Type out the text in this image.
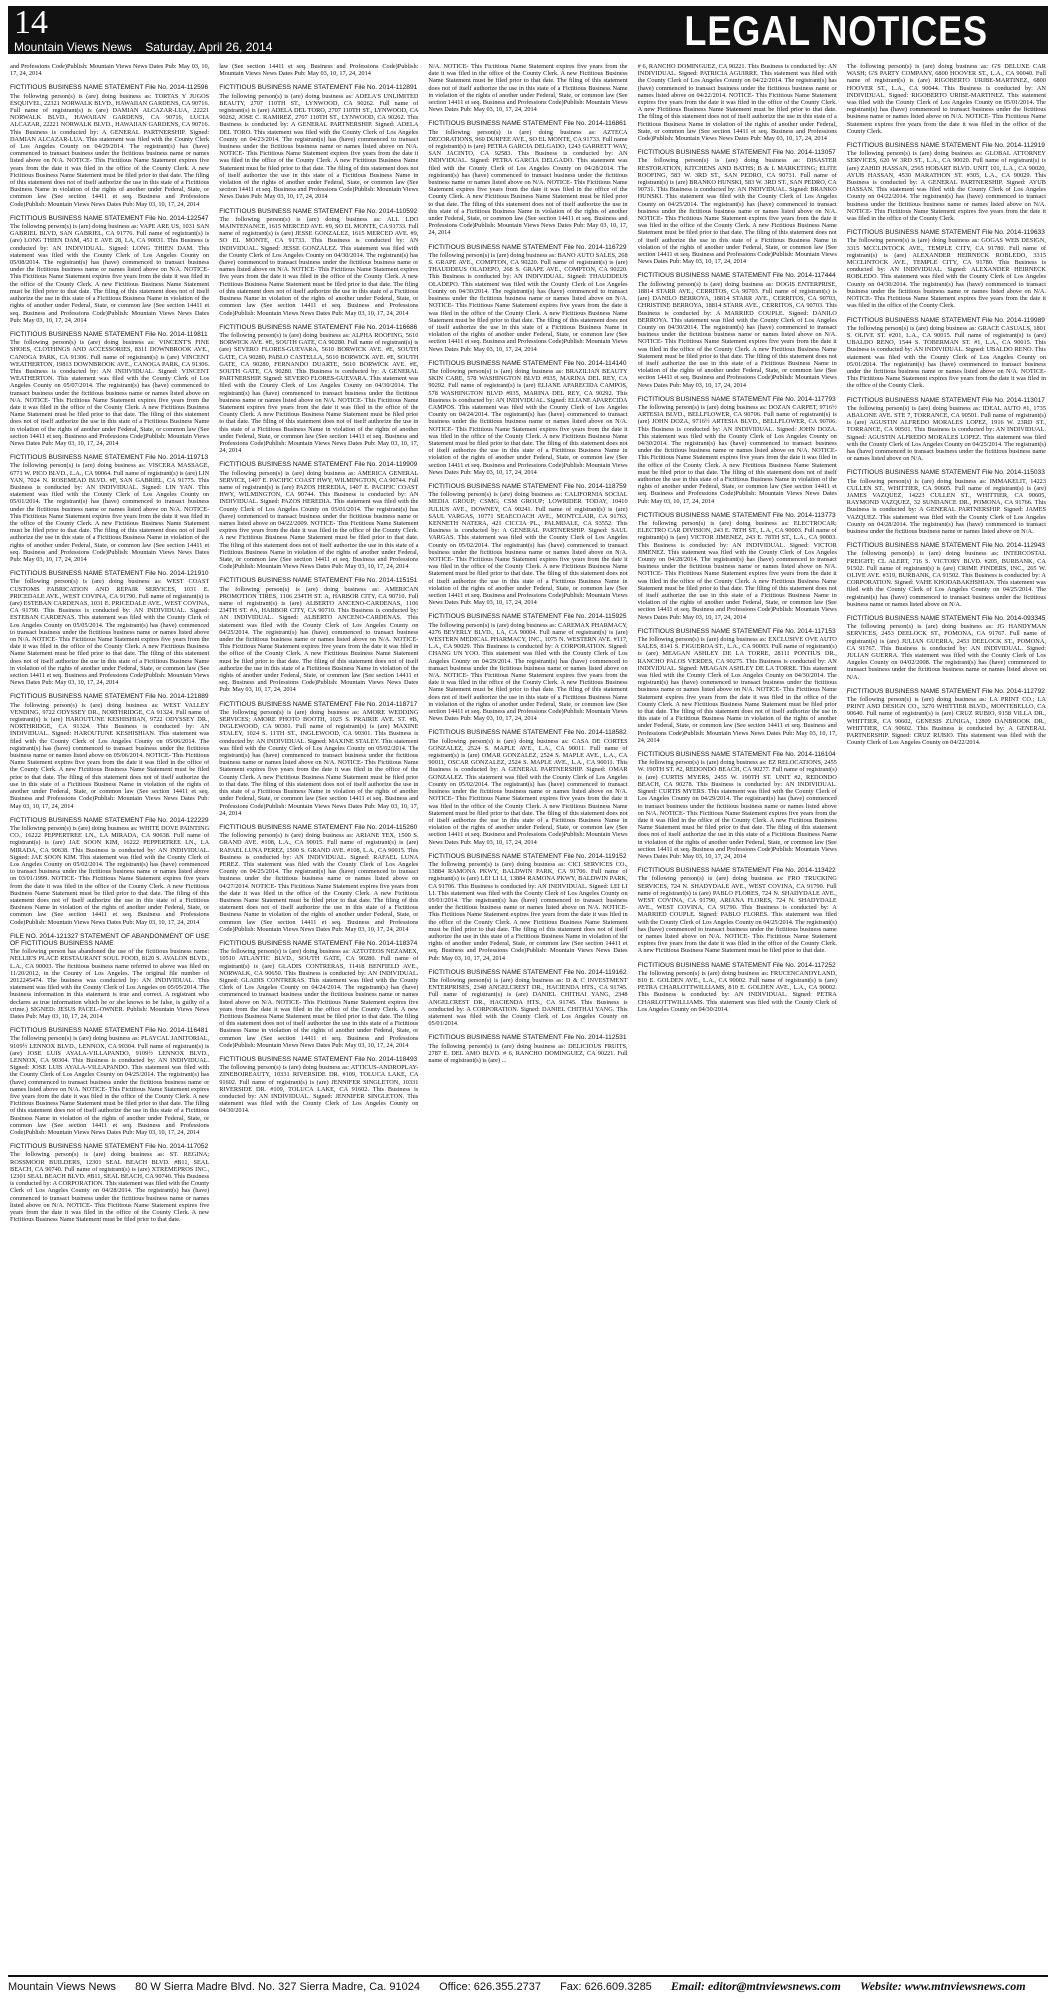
14
Mountain Views News Saturday, April 26, 2014	LEGAL NOTICES
and Professions Code)Publish: Mountain Views News Dates Pub: May 03, 10, 17, 24, 2014
FICTITIOUS BUSINESS NAME STATEMENT File No. 2014-112596
The following person(s) is (are) doing business as: TORTAS Y JUGOS ESQUIVEL, 22321 NORWALK BLVD., HAWAIIAN GARDENS, CA 90716. Full name of registrant(s) is (are) DAMIAN ALCAZAR-LUA, 22221 NORWALK BLVD., HAWAIIAN GARDENS, CA 90716, LUCIA ALCAZAR, 22221 NORWALK BLVD., HAWAIIAN GARDENS, CA 90716. This Business is conducted by: A GENERAL PARTNERSHIP. Signed: DAMIAN ALCAZAR-LUA. This statement was filed with the County Clerk of Los Angeles County on 04/29/2014. The registrant(s) has (have) commenced to transact business under the fictitious business name or names listed above on N/A. NOTICE- This Fictitious Name Statement expires five years from the date it was filed in the office of the County Clerk. A new Fictitious Business Name Statement must be filed prior to that date. The filing of this statement does not of itself authorize the use in this state of a Fictitious Business Name in violation of the rights of another under Federal, State, or common law (See section 14411 et seq. Business and Professions Code)Publish: Mountain Views News Dates Pub: May 03, 10, 17, 24, 2014
FICTITIOUS BUSINESS NAME STATEMENT File No. 2014-122547
The following person(s) is (are) doing business as: VAPE ARE US, 1031 SAN GABRIEL BLVD, SAN GABRIEL, CA 91776. Full name of registrant(s) is (are) LONG THIEN DAM, 451 E AVE 28, LA, CA 90031. This Business is conducted by: AN INDIVIDUAL. Signed: LONG THIEN DAM. This statement was filed with the County Clerk of Los Angeles County on 05/08/2014. The registrant(s) has (have) commenced to transact business under the fictitious business name or names listed above on N/A. NOTICE- This Fictitious Name Statement expires five years from the date it was filed in the office of the County Clerk. A new Fictitious Business Name Statement must be filed prior to that date. The filing of this statement does not of itself authorize the use in this state of a Fictitious Business Name in violation of the rights of another under Federal, State, or common law (See section 14411 et seq. Business and Professions Code)Publish: Mountain Views News Dates Pub: May 03, 10, 17, 24, 2014
FICTITIOUS BUSINESS NAME STATEMENT File No. 2014-119811
The following person(s) is (are) doing business as: VINCENT'S FINE SHOES, CLOTHINGS AND ACCESSORIES, 8311 DOWNBROOK AVE., CANOGA PARK, CA 91306. Full name of registrant(s) is (are) VINCENT WEATHERTON, 19813 DOWNBROOK AVE., CANOGA PARK, CA 91306. This Business is conducted by: AN INDIVIDUAL. Signed: VINCENT WEATHERTON. This statement was filed with the County Clerk of Los Angeles County on 05/07/2014. The registrant(s) has (have) commenced to transact business under the fictitious business name or names listed above on N/A. NOTICE- This Fictitious Name Statement expires five years from the date it was filed in the office of the County Clerk. A new Fictitious Business Name Statement must be filed prior to that date. The filing of this statement does not of itself authorize the use in this state of a Fictitious Business Name in violation of the rights of another under Federal, State, or common law (See section 14411 et seq. Business and Professions Code)Publish: Mountain Views News Dates Pub: May 03, 10, 17, 24, 2014
FICTITIOUS BUSINESS NAME STATEMENT File No. 2014-119713
The following person(s) is (are) doing business as: VISCERA MASSAGE, 6771 W. PICO BLVD., L.A., CA 90064. Full name of registrant(s) is (are) LIN YAN, 7024 N. ROSEMEAD BLVD. #F, SAN GABRIEL, CA 91775. This Business is conducted by: AN INDIVIDUAL. Signed: LIN YAN. This statement was filed with the County Clerk of Los Angeles County on 05/01/2014. The registrant(s) has (have) commenced to transact business under the fictitious business name or names listed above on N/A. NOTICE- This Fictitious Name Statement expires five years from the date it was filed in the office of the County Clerk. A new Fictitious Business Name Statement must be filed prior to that date. The filing of this statement does not of itself authorize the use in this state of a Fictitious Business Name in violation of the rights of another under Federal, State, or common law (See section 14411 et seq. Business and Professions Code)Publish: Mountain Views News Dates Pub: May 03, 10, 17, 24, 2014
FICTITIOUS BUSINESS NAME STATEMENT File No. 2014-121910
The following person(s) is (are) doing business as: WEST COAST CUSTOMS FABRICATION AND REPAIR SERVICES, 1031 E. PRICEDALE AVE., WEST COVINA, CA 91790. Full name of registrant(s) is (are) ESTEBAN CARDENAS, 1031 E. PRICEDALE AVE., WEST COVINA, CA 91790. This Business is conducted by: AN INDIVIDUAL. Signed: ESTEBAN CARDENAS. This statement was filed with the County Clerk of Los Angeles County on 05/05/2014. The registrant(s) has (have) commenced to transact business under the fictitious business name or names listed above on N/A. NOTICE- This Fictitious Name Statement expires five years from the date it was filed in the office of the County Clerk. A new Fictitious Business Name Statement must be filed prior to that date. The filing of this statement does not of itself authorize the use in this state of a Fictitious Business Name in violation of the rights of another under Federal, State, or common law (See section 14411 et seq. Business and Professions Code)Publish: Mountain Views News Dates Pub: May 03, 10, 17, 24, 2014
FICTITIOUS BUSINESS NAME STATEMENT File No. 2014-121889
The following person(s) is (are) doing business as: WEST VALLEY VENDING, 9722 ODYSSEY DR., NORTHRIDGE, CA 91324. Full name of registrant(s) is (are) HAROUTUNE KESHISHIAN, 9722 ODYSSEY DR., NORTHRIDGE, CA 91324. This Business is conducted by: AN INDIVIDUAL. Signed: HAROUTUNE KESHISHIAN. This statement was filed with the County Clerk of Los Angeles County on 05/06/2014. The registrant(s) has (have) commenced to transact business under the fictitious business name or names listed above on 05/06/2014. NOTICE- This Fictitious Name Statement expires five years from the date it was filed in the office of the County Clerk. A new Fictitious Business Name Statement must be filed prior to that date. The filing of this statement does not of itself authorize the use in this state of a Fictitious Business Name in violation of the rights of another under Federal, State, or common law (See section 14411 et seq. Business and Professions Code)Publish: Mountain Views News Dates Pub: May 03, 10, 17, 24, 2014
FICTITIOUS BUSINESS NAME STATEMENT File No. 2014-122229
The following person(s) is (are) doing business as: WHITE DOVE PAINTING CO., 16222 PEPPERTREE LN., LA MIRADA, CA 90638. Full name of registrant(s) is (are) JAE SOON KIM, 16222 PEPPERTREE LN., LA MIRADA, CA 90638. This Business is conducted by: AN INDIVIDUAL. Signed: JAE SOON KIM. This statement was filed with the County Clerk of Los Angeles County on 05/02/2014. The registrant(s) has (have) commenced to transact business under the fictitious business name or names listed above on 03/01/1999. NOTICE- This Fictitious Name Statement expires five years from the date it was filed in the office of the County Clerk. A new Fictitious Business Name Statement must be filed prior to that date. The filing of this statement does not of itself authorize the use in this state of a Fictitious Business Name in violation of the rights of another under Federal, State, or common law (See section 14411 et seq. Business and Professions Code)Publish: Mountain Views News Dates Pub: May 03, 10, 17, 24, 2014
FILE NO. 2014-121327 STATEMENT OF ABANDONMENT OF USE OF FICTITIOUS BUSINESS NAME
The following person has abandoned the use of the fictitious business name: NELLIE'S PLACE RESTAURANT SOUL FOOD, 8120 S. AVALON BLVD., L.A., CA 90003. The fictitious business name referred to above was filed on 11/20/2012, in the County of Los Angeles. The original file number of 2012245474. The business was conducted by: AN INDIVIDUAL. This statement was filed with the County Clerk of Los Angeles on 05/05/2014. The business information in this statement is true and correct. A registrant who declares as true information which he or she knows to be false, is guilty of a crime.) SIGNED: JESUS PACEL-OWNER. Publish: Mountain Views News Dates Pub: May 03, 10, 17, 24, 2014
FICTITIOUS BUSINESS NAME STATEMENT File No. 2014-116481
The following person(s) is (are) doing business as: PLAYCAL JANITORIAL, 9109½ LENNOX BLVD., LENNOX, CA 90304. Full name of registrant(s) is (are) JOSE LUIS AYALA-VILLAPANDO, 9109½ LENNOX BLVD., LENNOX, CA 90304. This Business is conducted by: AN INDIVIDUAL. Signed: JOSE LUIS AYALA-VILLAPANDO. This statement was filed with the County Clerk of Los Angeles County on 04/25/2014. The registrant(s) has (have) commenced to transact business under the fictitious business name or names listed above on N/A. NOTICE- This Fictitious Name Statement expires five years from the date it was filed in the office of the County Clerk. A new Fictitious Business Name Statement must be filed prior to that date. The filing of this statement does not of itself authorize the use in this state of a Fictitious Business Name in violation of the rights of another under Federal, State, or common law (See section 14411 et seq. Business and Professions Code)Publish: Mountain Views News Dates Pub: May 03, 10, 17, 24, 2014
FICTITIOUS BUSINESS NAME STATEMENT File No. 2014-117052
The following person(s) is (are) doing business as: ST. REGINA; ROSSMOOR BUILDERS, 12301 SEAL BEACH BLVD. #B11, SEAL BEACH, CA 90740. Full name of registrant(s) is (are) XTREMEPROS INC., 12301 SEAL BEACH BLVD. #B11, SEAL BEACH, CA 90740. This Business is conducted by: A CORPORATION. This statement was filed with the County Clerk of Los Angeles County on 04/28/2014. The registrant(s) has (have) commenced to transact business under the fictitious business name or names listed above on N/A. NOTICE- This Fictitious Name Statement expires five years from the date it was filed in the office of the County Clerk. A new Fictitious Business Name Statement must be filed prior to that date.
law (See section 14411 et seq. Business and Professions Code)Publish: Mountain Views News Dates Pub: May 03, 10, 17, 24, 2014
FICTITIOUS BUSINESS NAME STATEMENT File No. 2014-112891
The following person(s) is (are) doing business as: ADELA'S UNLIMITED BEAUTY, 2707 110TH ST., LYNWOOD, CA 90262. Full name of registrant(s) is (are) ADELA DEL TORO, 2707 110TH ST., LYNWOOD, CA 90262, JOSE C. RAMIREZ, 2707 110TH ST., LYNWOOD, CA 90262. This Business is conducted by: A GENERAL PARTNERSHIP. Signed: ADELA DEL TORO. This statement was filed with the County Clerk of Los Angeles County on 04/23/2014. The registrant(s) has (have) commenced to transact business under the fictitious business name or names listed above on N/A. NOTICE- This Fictitious Name Statement expires five years from the date it was filed in the office of the County Clerk. A new Fictitious Business Name Statement must be filed prior to that date. The filing of this statement does not of itself authorize the use in this state of a Fictitious Business Name in violation of the rights of another under Federal, State, or common law (See section 14411 et seq. Business and Professions Code)Publish: Mountain Views News Dates Pub: May 03, 10, 17, 24, 2014
FICTITIOUS BUSINESS NAME STATEMENT File No. 2014-110592
The following person(s) is (are) doing business as: ALL LDO MAINTENANCE, 1615 MERCED AVE. #9, SO EL MONTE, CA 91733. Full name of registrant(s) is (are) JESSE GONZALEZ, 1615 MERCED AVE. #9, SO EL MONTE, CA 91733. This Business is conducted by: AN INDIVIDUAL. Signed: JESSE GONZALEZ. This statement was filed with the County Clerk of Los Angeles County on 04/30/2014. The registrant(s) has (have) commenced to transact business under the fictitious business name or names listed above on N/A. NOTICE- This Fictitious Name Statement expires five years from the date it was filed in the office of the County Clerk. A new Fictitious Business Name Statement must be filed prior to that date. The filing of this statement does not of itself authorize the use in this state of a Fictitious Business Name in violation of the rights of another under Federal, State, or common law (See section 14411 et seq. Business and Professions Code)Publish: Mountain Views News Dates Pub: May 03, 10, 17, 24, 2014
FICTITIOUS BUSINESS NAME STATEMENT File No. 2014-116686
The following person(s) is (are) doing business as: ALPHA ROOFING, 5610 BORWICK AVE. #E, SOUTH GATE, CA 90280. Full name of registrant(s) is (are) SEVERO FLORES-GUEVARA, 5610 BORWICK AVE. #E, SOUTH GATE, CA 90280, PABLO CASTELLA, 5610 BORWICK AVE. #E, SOUTH GATE, CA 90280, FERNANDO DUARTE, 5610 BORWICK AVE. #E, SOUTH GATE, CA 90280. This Business is conducted by: A GENERAL PARTNERSHIP. Signed: SEVERO FLORES-GUEVARA. This statement was filed with the County Clerk of Los Angeles County on 04/30/2014. The registrant(s) has (have) commenced to transact business under the fictitious business name or names listed above on N/A. NOTICE- This Fictitious Name Statement expires five years from the date it was filed in the office of the County Clerk. A new Fictitious Business Name Statement must be filed prior to that date. The filing of this statement does not of itself authorize the use in this state of a Fictitious Business Name in violation of the rights of another under Federal, State, or common law (See section 14411 et seq. Business and Professions Code)Publish: Mountain Views News Dates Pub: May 03, 10, 17, 24, 2014
FICTITIOUS BUSINESS NAME STATEMENT File No. 2014-119909
The following person(s) is (are) doing business as: AMERICA GENERAL SERVICE, 1407 E. PACIFIC COAST HWY, WILMINGTON, CA 90744. Full name of registrant(s) is (are) PAZOS HEREDIA, 1407 E. PACIFIC COAST HWY, WILMINGTON, CA 90744. This Business is conducted by: AN INDIVIDUAL. Signed: PAZOS HEREDIA. This statement was filed with the County Clerk of Los Angeles County on 05/01/2014. The registrant(s) has (have) commenced to transact business under the fictitious business name or names listed above on 04/22/2009. NOTICE- This Fictitious Name Statement expires five years from the date it was filed in the office of the County Clerk. A new Fictitious Business Name Statement must be filed prior to that date. The filing of this statement does not of itself authorize the use in this state of a Fictitious Business Name in violation of the rights of another under Federal, State, or common law (See section 14411 et seq. Business and Professions Code)Publish: Mountain Views News Dates Pub: May 03, 10, 17, 24, 2014
FICTITIOUS BUSINESS NAME STATEMENT File No. 2014-115151
The following person(s) is (are) doing business as: AMERICAN PROMOTION TIRES, 1106 234TH ST. A, HARBOR CITY, CA 90710. Full name of registrant(s) is (are) ALBERTO ANCENO-CARDENAS, 1106 234TH ST. #A, HARBOR CITY, CA 90710. This Business is conducted by: AN INDIVIDUAL. Signed: ALBERTO ANCENO-CARDENAS. This statement was filed with the County Clerk of Los Angeles County on 04/25/2014. The registrant(s) has (have) commenced to transact business under the fictitious business name or names listed above on N/A. NOTICE- This Fictitious Name Statement expires five years from the date it was filed in the office of the County Clerk. A new Fictitious Business Name Statement must be filed prior to that date. The filing of this statement does not of itself authorize the use in this state of a Fictitious Business Name in violation of the rights of another under Federal, State, or common law (See section 14411 et seq. Business and Professions Code)Publish: Mountain Views News Dates Pub: May 03, 10, 17, 24, 2014
FICTITIOUS BUSINESS NAME STATEMENT File No. 2014-118717
The following person(s) is (are) doing business as: AMORE WEDDING SERVICES; AMORE PHOTO BOOTH, 1025 S. PRAIRIE AVE. ST. #B, INGLEWOOD, CA 90301. Full name of registrant(s) is (are) MAXINE STALEY, 1024 S. 11TH ST., INGLEWOOD, CA 90301. This Business is conducted by: AN INDIVIDUAL. Signed: MAXINE STALEY. This statement was filed with the County Clerk of Los Angeles County on 05/02/2014. The registrant(s) has (have) commenced to transact business under the fictitious business name or names listed above on N/A. NOTICE- This Fictitious Name Statement expires five years from the date it was filed in the office of the County Clerk. A new Fictitious Business Name Statement must be filed prior to that date. The filing of this statement does not of itself authorize the use in this state of a Fictitious Business Name in violation of the rights of another under Federal, State, or common law (See section 14411 et seq. Business and Professions Code)Publish: Mountain Views News Dates Pub: May 03, 10, 17, 24, 2014
FICTITIOUS BUSINESS NAME STATEMENT File No. 2014-115260
The following person(s) is (are) doing business as: ARIANE TEX, 1500 S. GRAND AVE. #108, L.A., CA 90015. Full name of registrant(s) is (are) RAFAEL LUNA PEREZ, 1500 S. GRAND AVE. #108, L.A., CA 90015. This Business is conducted by: AN INDIVIDUAL. Signed: RAFAEL LUNA PEREZ. This statement was filed with the County Clerk of Los Angeles County on 04/25/2014. The registrant(s) has (have) commenced to transact business under the fictitious business name or names listed above on 04/27/2014. NOTICE- This Fictitious Name Statement expires five years from the date it was filed in the office of the County Clerk. A new Fictitious Business Name Statement must be filed prior to that date. The filing of this statement does not of itself authorize the use in this state of a Fictitious Business Name in violation of the rights of another under Federal, State, or common law (See section 14411 et seq. Business and Professions Code)Publish: Mountain Views News Dates Pub: May 03, 10, 17, 24, 2014
FICTITIOUS BUSINESS NAME STATEMENT File No. 2014-118374
The following person(s) is (are) doing business as: AZTOTEOS NEZAMEX, 10510 ATLANTIC BLVD., SOUTH GATE, CA 90280. Full name of registrant(s) is (are) GLADIS CONTRERAS, 11418 BENFIELD AVE., NORWALK, CA 90650. This Business is conducted by: AN INDIVIDUAL. Signed: GLADIS CONTRERAS. This statement was filed with the County Clerk of Los Angeles County on 04/24/2014. The registrant(s) has (have) commenced to transact business under the fictitious business name or names listed above on N/A. NOTICE- This Fictitious Name Statement expires five years from the date it was filed in the office of the County Clerk. A new Fictitious Business Name Statement must be filed prior to that date. The filing of this statement does not of itself authorize the use in this state of a Fictitious Business Name in violation of the rights of another under Federal, State, or common law (See section 14411 et seq. Business and Professions Code)Publish: Mountain Views News Dates Pub: May 03, 10, 17, 24, 2014
FICTITIOUS BUSINESS NAME STATEMENT File No. 2014-118493
The following person(s) is (are) doing business as: ATTICUS-ANDROPLAY-ZINEBOIREAUTY, 10331 RIVERSIDE DR. #109, TOLUCA LAKE, CA 91602. Full name of registrant(s) is (are) JENNIFER SINGLETON, 10331 RIVERSIDE DR. #109, TOLUCA LAKE, CA 91602. This Business is conducted by: AN INDIVIDUAL. Signed: JENNIFER SINGLETON. This statement was filed with the County Clerk of Los Angeles County on 04/30/2014.
N/A. NOTICE- This Fictitious Name Statement expires five years from the date it was filed in the office of the County Clerk. A new Fictitious Business Name Statement must be filed prior to that date. The filing of this statement does not of itself authorize the use in this state of a Fictitious Business Name in violation of the rights of another under Federal, State, or common law (See section 14411 et seq. Business and Professions Code)Publish: Mountain Views News Dates Pub: May 03, 10, 17, 24, 2014
FICTITIOUS BUSINESS NAME STATEMENT File No. 2014-116861
The following person(s) is (are) doing business as: AZTECA DECORATIONS, 960 DURFEE AVE., SO EL MONTE, CA 91733. Full name of registrant(s) is (are) PETRA GARCIA DELGADO, 1243 GARRETT WAY, SAN JACINTO, CA 92583. This Business is conducted by: AN INDIVIDUAL. Signed: PETRA GARCIA DELGADO. This statement was filed with the County Clerk of Los Angeles County on 04/28/2014. The registrant(s) has (have) commenced to transact business under the fictitious business name or names listed above on N/A. NOTICE- This Fictitious Name Statement expires five years from the date it was filed in the office of the County Clerk. A new Fictitious Business Name Statement must be filed prior to that date. The filing of this statement does not of itself authorize the use in this state of a Fictitious Business Name in violation of the rights of another under Federal, State, or common law (See section 14411 et seq. Business and Professions Code)Publish: Mountain Views News Dates Pub: May 03, 10, 17, 24, 2014
FICTITIOUS BUSINESS NAME STATEMENT File No. 2014-116729
The following person(s) is (are) doing business as: BANO AUTO SALES, 268 S. GRAPE AVE., COMPTON, CA 90220. Full name of registrant(s) is (are) THAUDDEUS OLADEPO, 268 S. GRAPE AVE., COMPTON, CA 90220. This Business is conducted by: AN INDIVIDUAL. Signed: THAUDDEUS OLADEPO. This statement was filed with the County Clerk of Los Angeles County on 04/30/2014. The registrant(s) has (have) commenced to transact business under the fictitious business name or names listed above on N/A. NOTICE- This Fictitious Name Statement expires five years from the date it was filed in the office of the County Clerk. A new Fictitious Business Name Statement must be filed prior to that date. The filing of this statement does not of itself authorize the use in this state of a Fictitious Business Name in violation of the rights of another under Federal, State, or common law (See section 14411 et seq. Business and Professions Code)Publish: Mountain Views News Dates Pub: May 03, 10, 17, 24, 2014
FICTITIOUS BUSINESS NAME STATEMENT File No. 2014-114140
The following person(s) is (are) doing business as: BRAZILIAN BEAUTY SKIN CARE, 578 WASHINGTON BLVD #935, MARINA DEL REY, CA 90292. Full name of registrant(s) is (are) ELIANE APARECIDA CAMPOS, 578 WASHINGTON BLVD #935, MARINA DEL REY, CA 90292. This Business is conducted by: AN INDIVIDUAL. Signed: ELIANE APARECIDA CAMPOS. This statement was filed with the County Clerk of Los Angeles County on 04/24/2014. The registrant(s) has (have) commenced to transact business under the fictitious business name or names listed above on N/A. NOTICE- This Fictitious Name Statement expires five years from the date it was filed in the office of the County Clerk. A new Fictitious Business Name Statement must be filed prior to that date. The filing of this statement does not of itself authorize the use in this state of a Fictitious Business Name in violation of the rights of another under Federal, State, or common law (See section 14411 et seq. Business and Professions Code)Publish: Mountain Views News Dates Pub: May 03, 10, 17, 24, 2014
FICTITIOUS BUSINESS NAME STATEMENT File No. 2014-118759
The following person(s) is (are) doing business as: CALIFORNIA SOCIAL MEDIA GROUP; CSMG; CSM GROUP; LOWRIDER TODAY, 10410 JULIUS AVE., DOWNEY, CA 90241. Full name of registrant(s) is (are) SAUL VARGAS, 10771 SEAECOACH AVE., MONTCLAIR, CA 91763, KENNETH NATERA, 421 CICCIA PL., PALMDALE, CA 93552. This Business is conducted by: A GENERAL PARTNERSHIP. Signed: SAUL VARGAS. This statement was filed with the County Clerk of Los Angeles County on 05/02/2014. The registrant(s) has (have) commenced to transact business under the fictitious business name or names listed above on N/A. NOTICE- This Fictitious Name Statement expires five years from the date it was filed in the office of the County Clerk. A new Fictitious Business Name Statement must be filed prior to that date. The filing of this statement does not of itself authorize the use in this state of a Fictitious Business Name in violation of the rights of another under Federal, State, or common law (See section 14411 et seq. Business and Professions Code)Publish: Mountain Views News Dates Pub: May 03, 10, 17, 24, 2014
FICTITIOUS BUSINESS NAME STATEMENT File No. 2014-115925
The following person(s) is (are) doing business as: CAREMAX PHARMACY, 4276 BEVERLY BLVD., LA, CA 90004. Full name of registrant(s) is (are) WESTERN MEDICAL PHARMACY, INC., 1075 N. WESTERN AVE. #117, L.A., CA 90029. This Business is conducted by: A CORPORATION. Signed: CHANG UN YOO. This statement was filed with the County Clerk of Los Angeles County on 04/29/2014. The registrant(s) has (have) commenced to transact business under the fictitious business name or names listed above on N/A. NOTICE- This Fictitious Name Statement expires five years from the date it was filed in the office of the County Clerk. A new Fictitious Business Name Statement must be filed prior to that date. The filing of this statement does not of itself authorize the use in this state of a Fictitious Business Name in violation of the rights of another under Federal, State, or common law (See section 14411 et seq. Business and Professions Code)Publish: Mountain Views News Dates Pub: May 03, 10, 17, 24, 2014
FICTITIOUS BUSINESS NAME STATEMENT File No. 2014-118582
The following person(s) is (are) doing business as: CASA DE CORTES GONZALEZ, 2524 S. MAPLE AVE., L.A., CA 90011. Full name of registrant(s) is (are) OMAR GONZALEZ, 2524 S. MAPLE AVE., L.A., CA 90011, OSCAR GONZALEZ, 2524 S. MAPLE AVE., L.A., CA 90011. This Business is conducted by: A GENERAL PARTNERSHIP. Signed: OMAR GONZALEZ. This statement was filed with the County Clerk of Los Angeles County on 05/02/2014. The registrant(s) has (have) commenced to transact business under the fictitious business name or names listed above on N/A. NOTICE- This Fictitious Name Statement expires five years from the date it was filed in the office of the County Clerk. A new Fictitious Business Name Statement must be filed prior to that date. The filing of this statement does not of itself authorize the use in this state of a Fictitious Business Name in violation of the rights of another under Federal, State, or common law (See section 14411 et seq. Business and Professions Code)Publish: Mountain Views News Dates Pub: May 03, 10, 17, 24, 2014
FICTITIOUS BUSINESS NAME STATEMENT File No. 2014-119152
The following person(s) is (are) doing business as: CICI SERVICES CO., 13884 RAMONA PKWY, BALDWIN PARK, CA 91706. Full name of registrant(s) is (are) LEI LI LI, 13884 RAMONA PKWY, BALDWIN PARK, CA 91706. This Business is conducted by: AN INDIVIDUAL. Signed: LEI LI LI. This statement was filed with the County Clerk of Los Angeles County on 05/01/2014. The registrant(s) has (have) commenced to transact business under the fictitious business name or names listed above on N/A. NOTICE- This Fictitious Name Statement expires five years from the date it was filed in the office of the County Clerk. A new Fictitious Business Name Statement must be filed prior to that date. The filing of this statement does not of itself authorize the use in this state of a Fictitious Business Name in violation of the rights of another under Federal, State, or common law (See section 14411 et seq. Business and Professions Code)Publish: Mountain Views News Dates Pub: May 03, 10, 17, 24, 2014
FICTITIOUS BUSINESS NAME STATEMENT File No. 2014-119162
The following person(s) is (are) doing business as: D & C INVESTMENT ENTERPRISES, 2348 ANGELCREST DR., HACIENDA HTS., CA 91745. Full name of registrant(s) is (are) DANIEL CHITHAI YANG, 2348 ANGELCREST DR., HACIENDA HTS., CA 91745. This Business is conducted by: A CORPORATION. Signed: DANIEL CHITHAI YANG. This statement was filed with the County Clerk of Los Angeles County on 05/01/2014.
FICTITIOUS BUSINESS NAME STATEMENT File No. 2014-112531
The following person(s) is (are) doing business as: DELICIOUS FRUITS, 2787 E. DEL AMO BLVD. # 6, RANCHO DOMINGUEZ, CA 90221. Full name of registrant(s) is (are) ...
# 6, RANCHO DOMINGUEZ, CA 90221. This Business is conducted by: AN INDIVIDUAL. Signed: PATRICIA AGUIRRE. This statement was filed with the County Clerk of Los Angeles County on 04/22/2014. The registrant(s) has (have) commenced to transact business under the fictitious business name or names listed above on 04/22/2014. NOTICE- This Fictitious Name Statement expires five years from the date it was filed in the office of the County Clerk. A new Fictitious Business Name Statement must be filed prior to that date. The filing of this statement does not of itself authorize the use in this state of a Fictitious Business Name in violation of the rights of another under Federal, State, or common law (See section 14411 et seq. Business and Professions Code)Publish: Mountain Views News Dates Pub: May 03, 10, 17, 24, 2014
FICTITIOUS BUSINESS NAME STATEMENT File No. 2014-113057
The following person(s) is (are) doing business as: DISASTER RESTORATION, KITCHENS AND BATHS; B & L MARKETING; ELITE ROOFING, 583 W. 3RD ST., SAN PEDRO, CA 90731. Full name of registrant(s) is (are) BRANKO HUNSKI, 583 W. 3RD ST., SAN PEDRO, CA 90731. This Business is conducted by: AN INDIVIDUAL. Signed: BRANKO HUNSKI. This statement was filed with the County Clerk of Los Angeles County on 04/25/2014. The registrant(s) has (have) commenced to transact business under the fictitious business name or names listed above on N/A. NOTICE- This Fictitious Name Statement expires five years from the date it was filed in the office of the County Clerk. A new Fictitious Business Name Statement must be filed prior to that date. The filing of this statement does not of itself authorize the use in this state of a Fictitious Business Name in violation of the rights of another under Federal, State, or common law (See section 14411 et seq. Business and Professions Code)Publish: Mountain Views News Dates Pub: May 03, 10, 17, 24, 2014
FICTITIOUS BUSINESS NAME STATEMENT File No. 2014-117444
The following person(s) is (are) doing business as: DOGIS ENTERPRISE, 18814 STARR AVE., CERRITOS, CA 90703. Full name of registrant(s) is (are) DANILO BERROYA, 18814 STARR AVE., CERRITOS, CA 90703, CHRISTINE BERROYA, 18814 STARR AVE., CERRITOS, CA 90703. This Business is conducted by: A MARRIED COUPLE. Signed: DANILO BERROYA. This statement was filed with the County Clerk of Los Angeles County on 04/30/2014. The registrant(s) has (have) commenced to transact business under the fictitious business name or names listed above on N/A. NOTICE- This Fictitious Name Statement expires five years from the date it was filed in the office of the County Clerk. A new Fictitious Business Name Statement must be filed prior to that date. The filing of this statement does not of itself authorize the use in this state of a Fictitious Business Name in violation of the rights of another under Federal, State, or common law (See section 14411 et seq. Business and Professions Code)Publish: Mountain Views News Dates Pub: May 03, 10, 17, 24, 2014
FICTITIOUS BUSINESS NAME STATEMENT File No. 2014-117793
The following person(s) is (are) doing business as: DOZAN CARPET, 9716½ ARTESIA BLVD., BELLFLOWER, CA 90706. Full name of registrant(s) is (are) JOHN DOZA, 9716½ ARTESIA BLVD., BELLFLOWER, CA 90706. This Business is conducted by: AN INDIVIDUAL. Signed: JOHN DOZA. This statement was filed with the County Clerk of Los Angeles County on 04/30/2014. The registrant(s) has (have) commenced to transact business under the fictitious business name or names listed above on N/A. NOTICE- This Fictitious Name Statement expires five years from the date it was filed in the office of the County Clerk. A new Fictitious Business Name Statement must be filed prior to that date. The filing of this statement does not of itself authorize the use in this state of a Fictitious Business Name in violation of the rights of another under Federal, State, or common law (See section 14411 et seq. Business and Professions Code)Publish: Mountain Views News Dates Pub: May 03, 10, 17, 24, 2014
FICTITIOUS BUSINESS NAME STATEMENT File No. 2014-113773
The following person(s) is (are) doing business as: ELECTROCAR; ELECTRO CAR DIVISION, 243 E. 78TH ST., L.A., CA 90003. Full name of registrant(s) is (are) VICTOR JIMENEZ, 243 E. 78TH ST., L.A., CA 90003. This Business is conducted by: AN INDIVIDUAL. Signed: VICTOR JIMENEZ. This statement was filed with the County Clerk of Los Angeles County on 04/28/2014. The registrant(s) has (have) commenced to transact business under the fictitious business name or names listed above on N/A. NOTICE- This Fictitious Name Statement expires five years from the date it was filed in the office of the County Clerk. A new Fictitious Business Name Statement must be filed prior to that date. The filing of this statement does not of itself authorize the use in this state of a Fictitious Business Name in violation of the rights of another under Federal, State, or common law (See section 14411 et seq. Business and Professions Code)Publish: Mountain Views News Dates Pub: May 03, 10, 17, 24, 2014
FICTITIOUS BUSINESS NAME STATEMENT File No. 2014-117153
The following person(s) is (are) doing business as: EXCLUSIVE OVE AUTO SALES, 8141 S. FIGUEROA ST., L.A., CA 90003. Full name of registrant(s) is (are) MEAGAN ASHLEY DE LA TORRE, 28111 PONTIUS DR., RANCHO PALOS VERDES, CA 90275. This Business is conducted by: AN INDIVIDUAL. Signed: MEAGAN ASHLEY DE LA TORRE. This statement was filed with the County Clerk of Los Angeles County on 04/30/2014. The registrant(s) has (have) commenced to transact business under the fictitious business name or names listed above on N/A. NOTICE- This Fictitious Name Statement expires five years from the date it was filed in the office of the County Clerk. A new Fictitious Business Name Statement must be filed prior to that date. The filing of this statement does not of itself authorize the use in this state of a Fictitious Business Name in violation of the rights of another under Federal, State, or common law (See section 14411 et seq. Business and Professions Code)Publish: Mountain Views News Dates Pub: May 03, 10, 17, 24, 2014
FICTITIOUS BUSINESS NAME STATEMENT File No. 2014-116104
The following person(s) is (are) doing business as: EZ RELOCATIONS, 2455 W. 190TH ST. #2, REDONDO BEACH, CA 90277. Full name of registrant(s) is (are) CURTIS MYERS, 2455 W. 190TH ST. UNIT #2, REDONDO BEACH, CA 90278. This Business is conducted by: AN INDIVIDUAL. Signed: CURTIS MYERS. This statement was filed with the County Clerk of Los Angeles County on 04/29/2014. The registrant(s) has (have) commenced to transact business under the fictitious business name or names listed above on N/A. NOTICE- This Fictitious Name Statement expires five years from the date it was filed in the office of the County Clerk. A new Fictitious Business Name Statement must be filed prior to that date. The filing of this statement does not of itself authorize the use in this state of a Fictitious Business Name in violation of the rights of another under Federal, State, or common law (See section 14411 et seq. Business and Professions Code)Publish: Mountain Views News Dates Pub: May 03, 10, 17, 24, 2014
FICTITIOUS BUSINESS NAME STATEMENT File No. 2014-113422
The following person(s) is (are) doing business as: FRO TRUCKING SERVICES, 724 N. SHADYDALE AVE., WEST COVINA, CA 91790. Full name of registrant(s) is (are) PABLO FLORES, 724 N. SHADYDALE AVE., WEST COVINA, CA 91790, ARIANA FLORES, 724 N. SHADYDALE AVE., WEST COVINA, CA 91790. This Business is conducted by: A MARRIED COUPLE. Signed: PABLO FLORES. This statement was filed with the County Clerk of Los Angeles County on 04/25/2014. The registrant(s) has (have) commenced to transact business under the fictitious business name or names listed above on N/A. NOTICE- This Fictitious Name Statement expires five years from the date it was filed in the office of the County Clerk. A new Fictitious Business Name Statement must be filed prior to that date.
FICTITIOUS BUSINESS NAME STATEMENT File No. 2014-117252
The following person(s) is (are) doing business as: FRUCENCANDYLAND, 810 E. GOLDEN AVE., L.A., CA 90002. Full name of registrant(s) is (are) PETRA CHARLOTTWILLIAMS, 810 E. GOLDEN AVE., L.A., CA 90002. This Business is conducted by: AN INDIVIDUAL. Signed: PETRA CHARLOTTWILLIAMS. This statement was filed with the County Clerk of Los Angeles County on 04/30/2014.
The following person(s) is (are) doing business as: G'S DELUXE CAR WASH; G'S PARTY COMPANY, 6800 HOOVER ST., L.A., CA 90040. Full name of registrant(s) is (are) RIGOBERTO URIBE-MARTINEZ, 6800 HOOVER ST., L.A., CA 90044. This Business is conducted by: AN INDIVIDUAL. Signed: RIGOBERTO URIBE-MARTINEZ. This statement was filed with the County Clerk of Los Angeles County on 05/01/2014. The registrant(s) has (have) commenced to transact business under the fictitious business name or names listed above on N/A. NOTICE- This Fictitious Name Statement expires five years from the date it was filed in the office of the County Clerk.
FICTITIOUS BUSINESS NAME STATEMENT File No. 2014-112919
The following person(s) is (are) doing business as: GLOBAL ATTORNEY SERVICES, 620 W 3RD ST., L.A., CA 90020. Full name of registrant(s) is (are) ZAHID HASSAN, 2565 HOBART BLVD. UNIT 101, L.A., CA 90020, AYUB HASSAN, 4530 MARATHON ST. #305, L.A., CA 90029. This Business is conducted by: A GENERAL PARTNERSHIP. Signed: AYUB HASSAN. This statement was filed with the County Clerk of Los Angeles County on 04/22/2014. The registrant(s) has (have) commenced to transact business under the fictitious business name or names listed above on N/A. NOTICE- This Fictitious Name Statement expires five years from the date it was filed in the office of the County Clerk.
FICTITIOUS BUSINESS NAME STATEMENT File No. 2014-119633
The following person(s) is (are) doing business as: GOGAS WEB DESIGN, 3315 MCCLINTOCK AVE., TEMPLE CITY, CA 91780. Full name of registrant(s) is (are) ALEXANDER HEIRNECK ROBLEDO, 3315 MCCLINTOCK AVE., TEMPLE CITY, CA 91780. This Business is conducted by: AN INDIVIDUAL. Signed: ALEXANDER HEIRNECK ROBLEDO. This statement was filed with the County Clerk of Los Angeles County on 04/30/2014. The registrant(s) has (have) commenced to transact business under the fictitious business name or names listed above on N/A. NOTICE- This Fictitious Name Statement expires five years from the date it was filed in the office of the County Clerk.
FICTITIOUS BUSINESS NAME STATEMENT File No. 2014-119989
The following person(s) is (are) doing business as: GRACE CASUALS, 1801 S. OLIVE ST. #201, L.A., CA 90015. Full name of registrant(s) is (are) UBALDO RENO, 1544 S. TOBERMAN ST. #1, L.A., CA 90015. This Business is conducted by: AN INDIVIDUAL. Signed: UBALDO RENO. This statement was filed with the County Clerk of Los Angeles County on 05/01/2014. The registrant(s) has (have) commenced to transact business under the fictitious business name or names listed above on N/A. NOTICE- This Fictitious Name Statement expires five years from the date it was filed in the office of the County Clerk.
FICTITIOUS BUSINESS NAME STATEMENT File No. 2014-113017
The following person(s) is (are) doing business as: IDEAL AUTO #1, 1735 ABALONE AVE. STE 7, TORRANCE, CA 90501. Full name of registrant(s) is (are) AGUSTIN ALFREDO MORALES LOPEZ, 1916 W. 23RD ST., TORRANCE, CA 90501. This Business is conducted by: AN INDIVIDUAL. Signed: AGUSTIN ALFREDO MORALES LOPEZ. This statement was filed with the County Clerk of Los Angeles County on 04/25/2014. The registrant(s) has (have) commenced to transact business under the fictitious business name or names listed above on N/A.
FICTITIOUS BUSINESS NAME STATEMENT File No. 2014-115033
The following person(s) is (are) doing business as: IMMAKELIT, 14223 CULLEN ST., WHITTIER, CA 90605. Full name of registrant(s) is (are) JAMES VAZQUEZ, 14223 CULLEN ST., WHITTIER, CA 90605, RAYMOND VAZQUEZ, 32 SUNDANCE DR., POMONA, CA 91766. This Business is conducted by: A GENERAL PARTNERSHIP. Signed: JAMES VAZQUEZ. This statement was filed with the County Clerk of Los Angeles County on 04/28/2014. The registrant(s) has (have) commenced to transact business under the fictitious business name or names listed above on N/A.
FICTITIOUS BUSINESS NAME STATEMENT File No. 2014-112943
The following person(s) is (are) doing business as: INTERCOSTAL FREIGHT; CL ALERT, 716 S. VICTORY BLVD. #205, BURBANK, CA 91502. Full name of registrant(s) is (are) CRIME FINDERS, INC., 265 W. OLIVE AVE. #319, BURBANK, CA 91502. This Business is conducted by: A CORPORATION. Signed: VAHE KHODABAKHSHIAN. This statement was filed with the County Clerk of Los Angeles County on 04/25/2014. The registrant(s) has (have) commenced to transact business under the fictitious business name or names listed above on N/A.
FICTITIOUS BUSINESS NAME STATEMENT File No. 2014-093345
The following person(s) is (are) doing business as: JG HANDYMAN SERVICES, 2453 DEELOCK ST., POMONA, CA 91767. Full name of registrant(s) is (are) JULIAN GUERRA, 2453 DEELOCK ST., POMONA, CA 91767. This Business is conducted by: AN INDIVIDUAL. Signed: JULIAN GUERRA. This statement was filed with the County Clerk of Los Angeles County on 04/02/2008. The registrant(s) has (have) commenced to transact business under the fictitious business name or names listed above on N/A.
FICTITIOUS BUSINESS NAME STATEMENT File No. 2014-112792
The following person(s) is (are) doing business as: LA PRINT CO.; LA PRINT AND DESIGN CO., 3270 WHITTIER BLVD., MONTEBELLO, CA 90640. Full name of registrant(s) is (are) CRUZ RUBIO, 9158 VILLA DR., WHITTIER, CA 90602, GENESIS ZUNIGA, 12809 DANBROOK DR., WHITTIER, CA 90602. This Business is conducted by: A GENERAL PARTNERSHIP. Signed: CRUZ RUBIO. This statement was filed with the County Clerk of Los Angeles County on 04/22/2014.
Mountain Views News 80 W Sierra Madre Blvd. No. 327 Sierra Madre, Ca. 91024 Office: 626.355.2737 Fax: 626.609.3285 Email: editor@mtnviewsnews.com Website: www.mtnviewsnews.com
